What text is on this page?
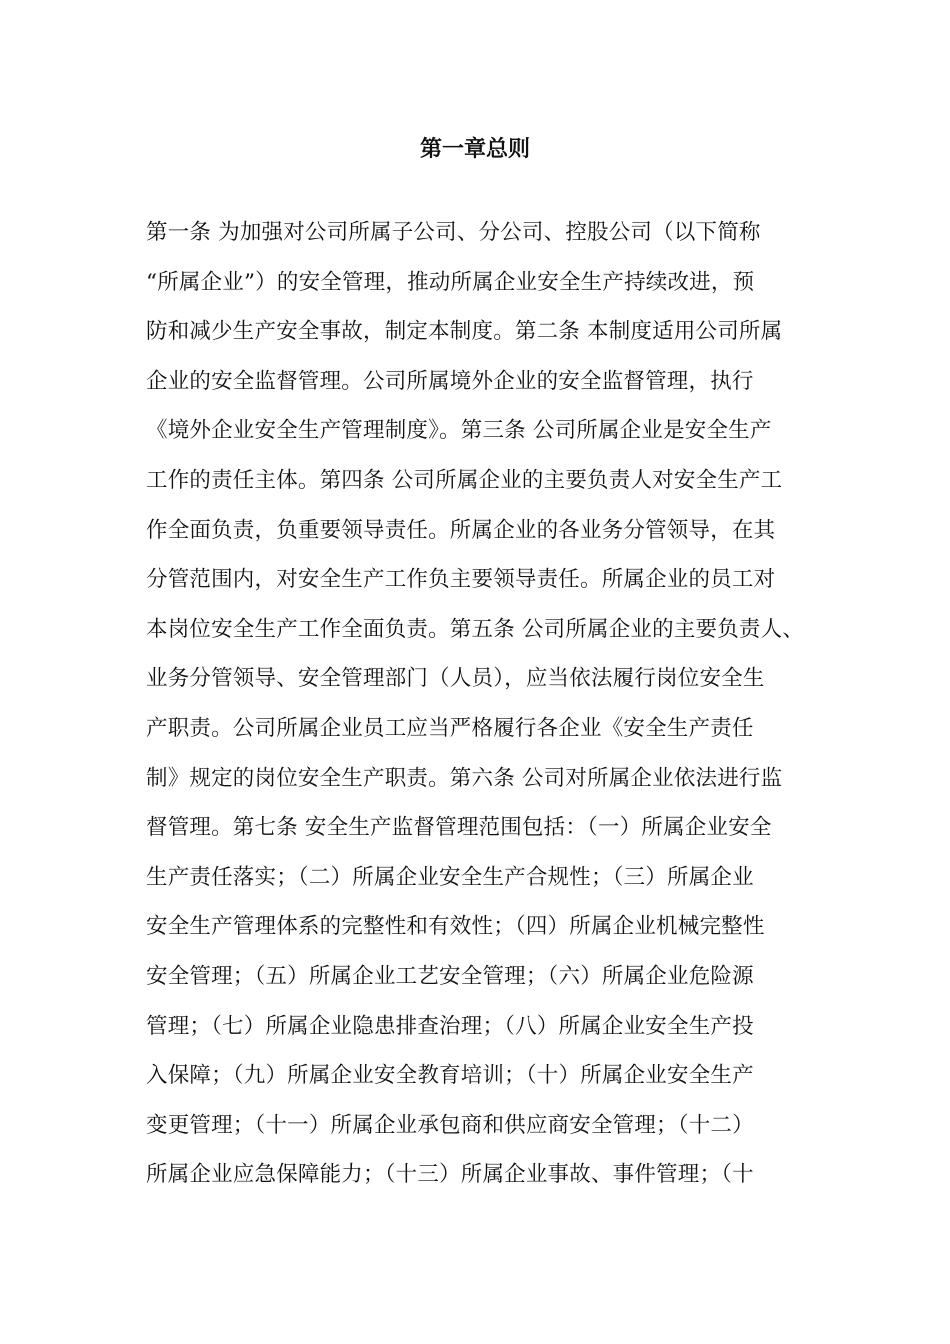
第一章总则
第一条 为加强对公司所属子公司、分公司、控股公司（以下简称
“所属企业”）的安全管理，推动所属企业安全生产持续改进，预
防和减少生产安全事故，制定本制度。第二条 本制度适用公司所属
企业的安全监督管理。公司所属境外企业的安全监督管理，执行
《境外企业安全生产管理制度》。第三条 公司所属企业是安全生产
工作的责任主体。第四条 公司所属企业的主要负责人对安全生产工
作全面负责，负重要领导责任。所属企业的各业务分管领导，在其
分管范围内，对安全生产工作负主要领导责任。所属企业的员工对
本岗位安全生产工作全面负责。第五条 公司所属企业的主要负责人、
业务分管领导、安全管理部门（人员），应当依法履行岗位安全生
产职责。公司所属企业员工应当严格履行各企业《安全生产责任
制》规定的岗位安全生产职责。第六条 公司对所属企业依法进行监
督管理。第七条 安全生产监督管理范围包括：（一）所属企业安全
生产责任落实；（二）所属企业安全生产合规性；（三）所属企业
安全生产管理体系的完整性和有效性；（四）所属企业机械完整性
安全管理；（五）所属企业工艺安全管理；（六）所属企业危险源
管理；（七）所属企业隐患排查治理；（八）所属企业安全生产投
入保障；（九）所属企业安全教育培训；（十）所属企业安全生产
变更管理；（十一）所属企业承包商和供应商安全管理；（十二）
所属企业应急保障能力；（十三）所属企业事故、事件管理；（十
